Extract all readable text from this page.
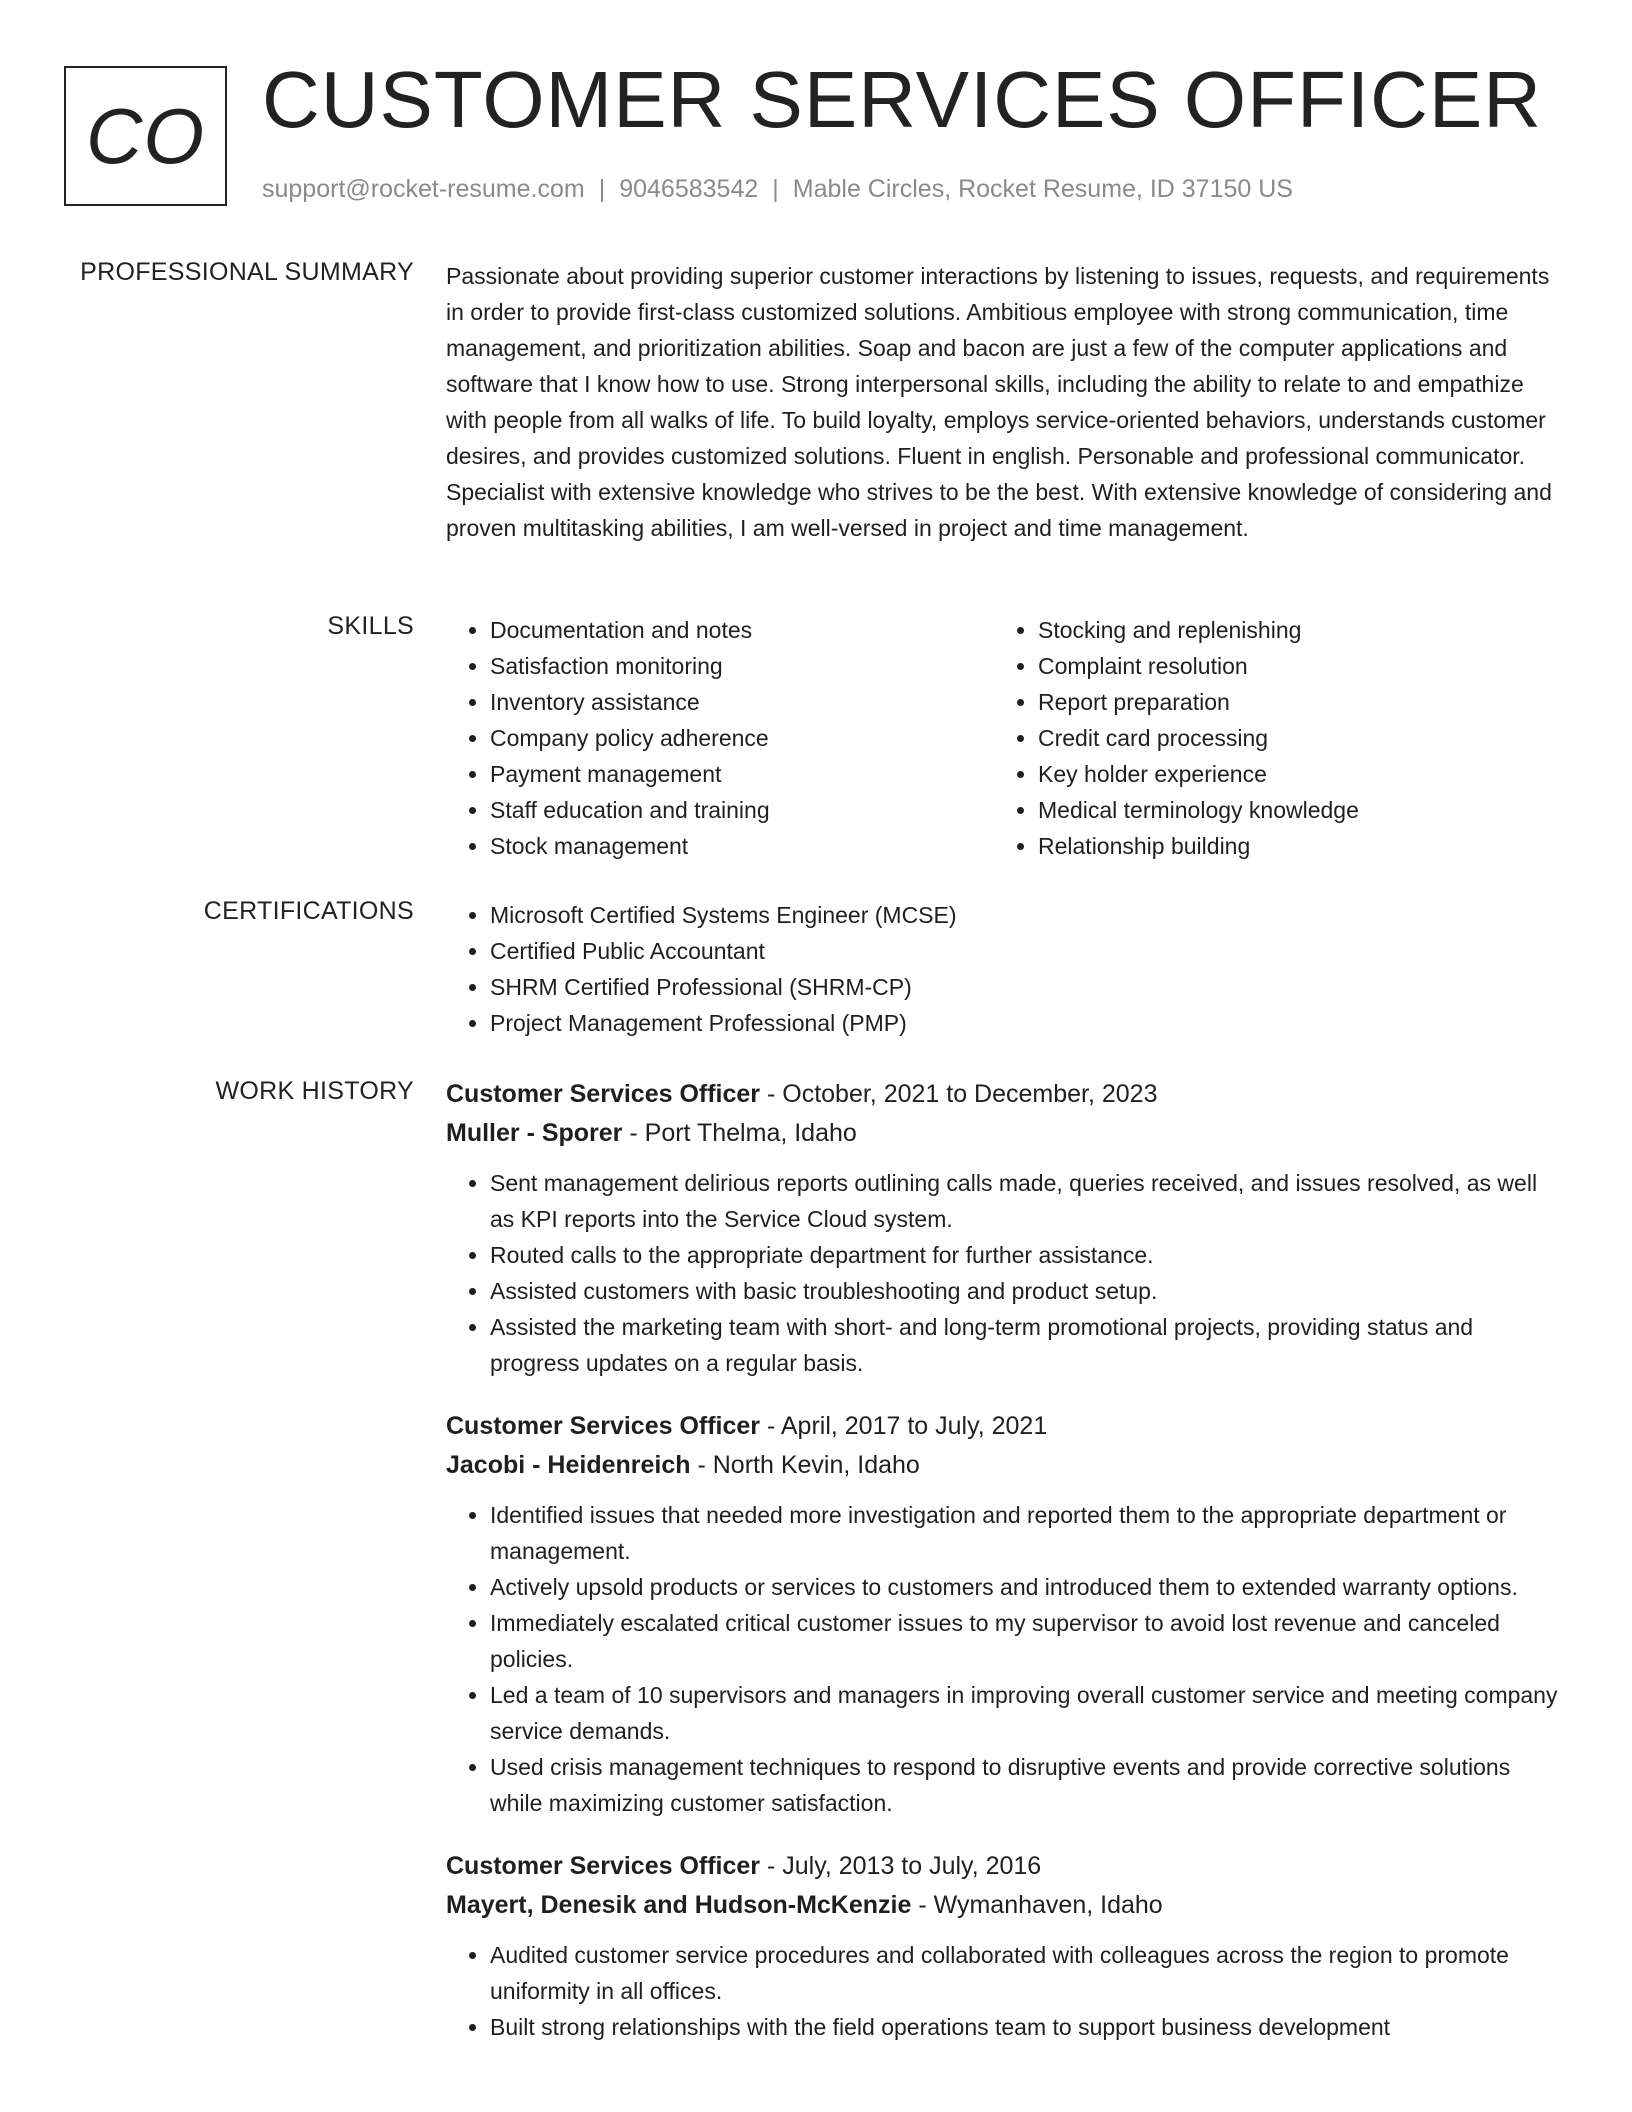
CO CUSTOMER SERVICES OFFICER
support@rocket-resume.com | 9046583542 | Mable Circles, Rocket Resume, ID 37150 US
PROFESSIONAL SUMMARY Passionate about providing superior customer interactions by listening to issues, requests, and requirements in order to provide first-class customized solutions. Ambitious employee with strong communication, time management, and prioritization abilities. Soap and bacon are just a few of the computer applications and software that I know how to use. Strong interpersonal skills, including the ability to relate to and empathize with people from all walks of life. To build loyalty, employs service-oriented behaviors, understands customer desires, and provides customized solutions. Fluent in english. Personable and professional communicator. Specialist with extensive knowledge who strives to be the best. With extensive knowledge of considering and proven multitasking abilities, I am well-versed in project and time management.

SKILLS	• Documentation and notes
• Satisfaction monitoring
• Inventory assistance
• Company policy adherence
• Payment management
• Staff education and training
• Stock management
• Stocking and replenishing
• Complaint resolution
• Report preparation
• Credit card processing
• Key holder experience
• Medical terminology knowledge
• Relationship building
CERTIFICATIONS	• Microsoft Certified Systems Engineer (MCSE)
• Certified Public Accountant
• SHRM Certified Professional (SHRM-CP)
• Project Management Professional (PMP)
WORK HISTORY Customer Services Officer - October, 2021 to December, 2023
Muller - Sporer - Port Thelma, Idaho
• Sent management delirious reports outlining calls made, queries received, and issues resolved, as well as KPI reports into the Service Cloud system.
• Routed calls to the appropriate department for further assistance.
• Assisted customers with basic troubleshooting and product setup.
• Assisted the marketing team with short- and long-term promotional projects, providing status and progress updates on a regular basis.
Customer Services Officer - April, 2017 to July, 2021
Jacobi - Heidenreich - North Kevin, Idaho
• Identified issues that needed more investigation and reported them to the appropriate department or management.
• Actively upsold products or services to customers and introduced them to extended warranty options.
• Immediately escalated critical customer issues to my supervisor to avoid lost revenue and canceled policies.
• Led a team of 10 supervisors and managers in improving overall customer service and meeting company service demands.
• Used crisis management techniques to respond to disruptive events and provide corrective solutions while maximizing customer satisfaction.
Customer Services Officer - July, 2013 to July, 2016
Mayert, Denesik and Hudson-McKenzie - Wymanhaven, Idaho
• Audited customer service procedures and collaborated with colleagues across the region to promote uniformity in all offices.
• Built strong relationships with the field operations team to support business development
